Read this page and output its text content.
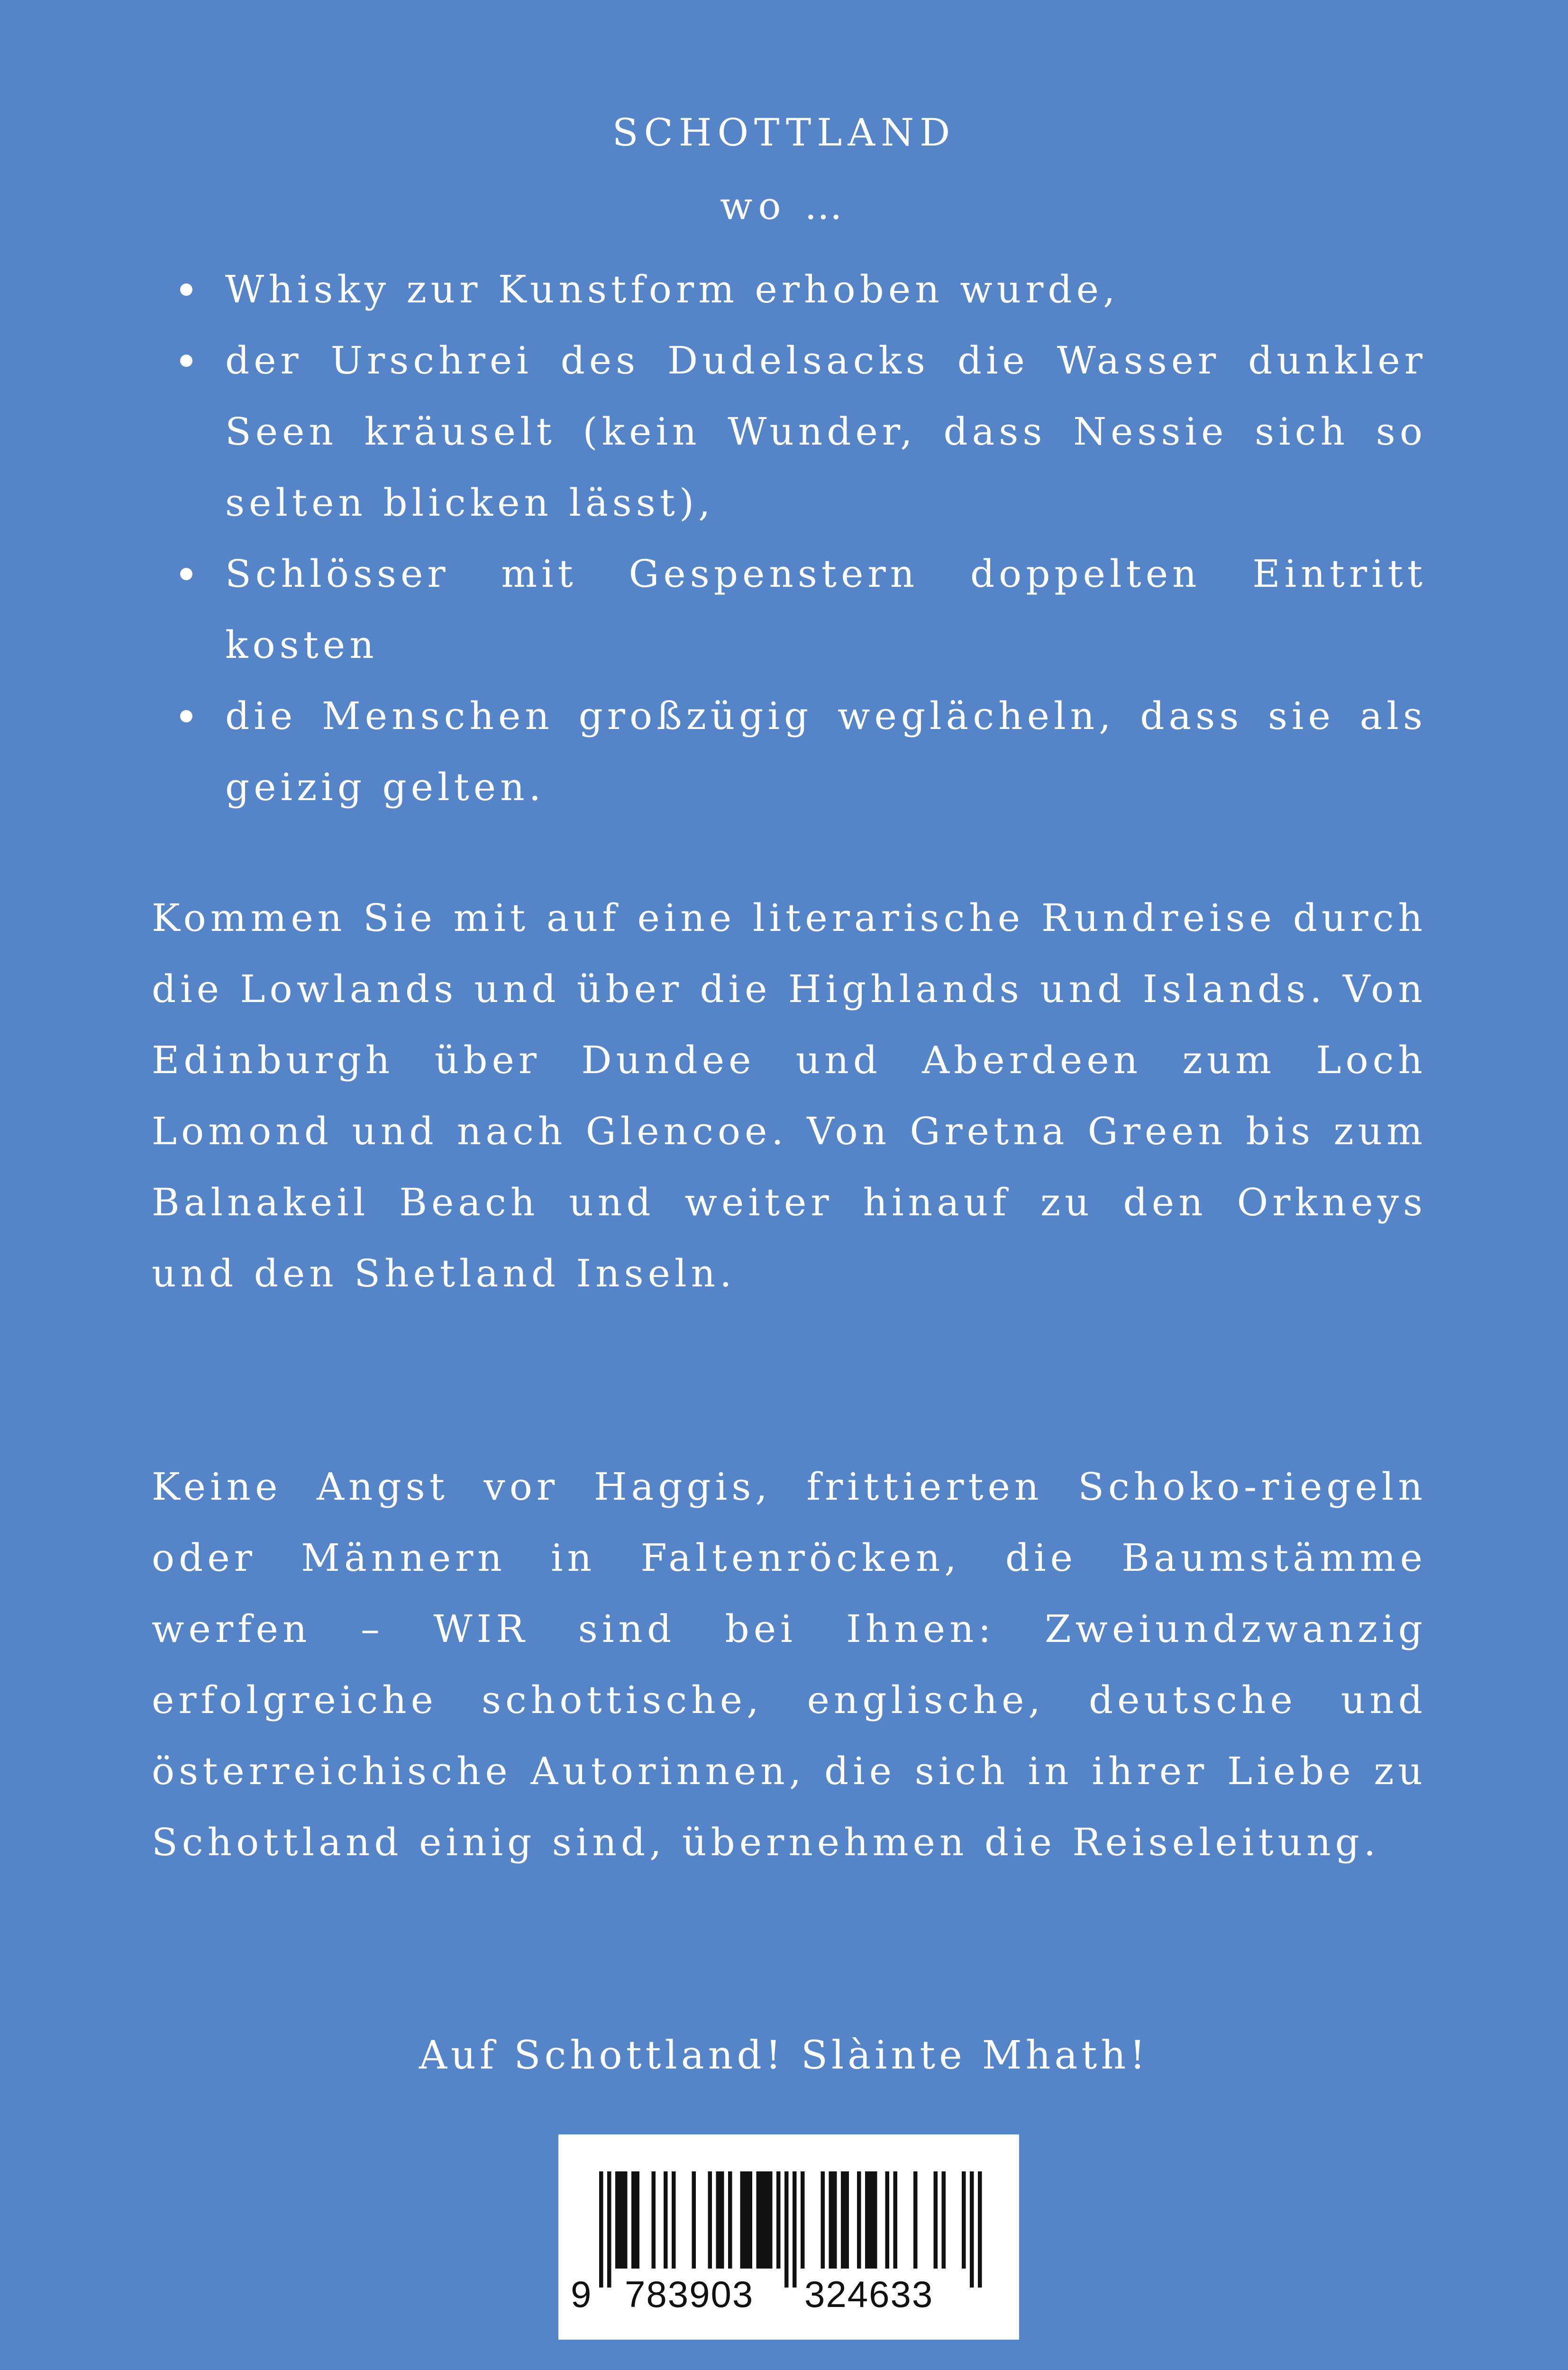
SCHOTTLAND
wo …
Whisky zur Kunstform erhoben wurde,
der Urschrei des Dudelsacks die Wasser dunkler Seen kräuselt (kein Wunder, dass Nessie sich so selten blicken lässt),
Schlösser mit Gespenstern doppelten Eintritt kosten
die Menschen großzügig weglächeln, dass sie als geizig gelten.

Kommen Sie mit auf eine literarische Rundreise durch die Lowlands und über die Highlands und Islands. Von Edinburgh über Dundee und Aberdeen zum Loch Lomond und nach Glencoe. Von Gretna Green bis zum Balnakeil Beach und weiter hinauf zu den Orkneys und den Shetland Inseln.

Keine Angst vor Haggis, frittierten Schoko-riegeln oder Männern in Faltenröcken, die Baumstämme werfen – WIR sind bei Ihnen: Zweiundzwanzig erfolgreiche schottische, englische, deutsche und österreichische Autorinnen, die sich in ihrer Liebe zu Schottland einig sind, übernehmen die Reiseleitung.

Auf Schottland! Slàinte Mhath!
9 783903 324633
